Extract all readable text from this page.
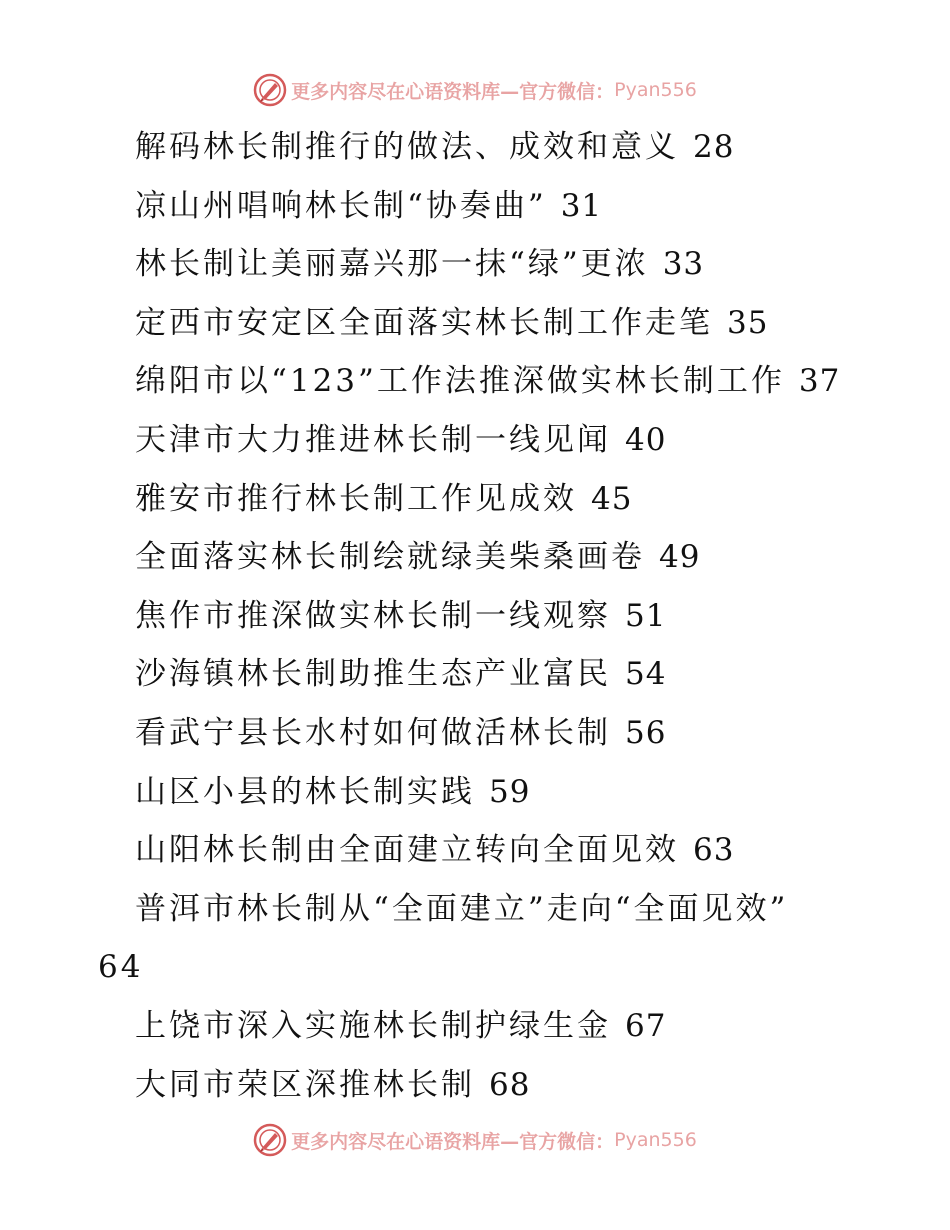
更多内容尽在心语资料库—官方微信： Pyan556
解码林长制推行的做法、成效和意义 28
凉山州唱响林长制“协奏曲” 31
林长制让美丽嘉兴那一抹“绿”更浓 33
定西市安定区全面落实林长制工作走笔 35
绵阳市以“123”工作法推深做实林长制工作 37
天津市大力推进林长制一线见闻 40
雅安市推行林长制工作见成效 45
全面落实林长制绘就绿美柴桑画卷 49
焦作市推深做实林长制一线观察 51
沙海镇林长制助推生态产业富民 54
看武宁县长水村如何做活林长制 56
山区小县的林长制实践 59
山阳林长制由全面建立转向全面见效 63
普洱市林长制从“全面建立”走向“全面见效”
64
上饶市深入实施林长制护绿生金 67
大同市荣区深推林长制 68
更多内容尽在心语资料库—官方微信： Pyan556
